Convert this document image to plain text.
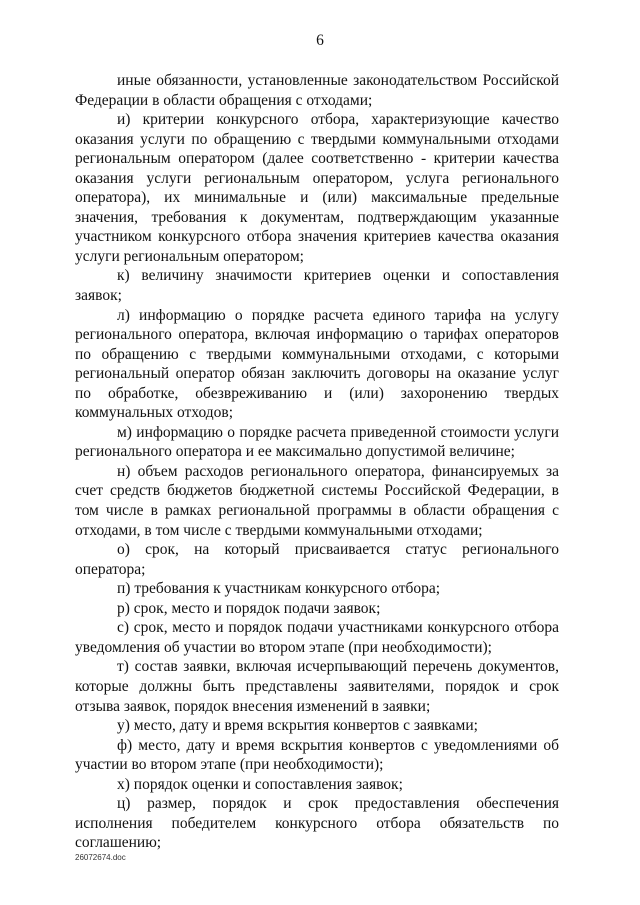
6

иные обязанности, установленные законодательством Российской Федерации в области обращения с отходами;

и) критерии конкурсного отбора, характеризующие качество оказания услуги по обращению с твердыми коммунальными отходами региональным оператором (далее соответственно - критерии качества оказания услуги региональным оператором, услуга регионального оператора), их минимальные и (или) максимальные предельные значения, требования к документам, подтверждающим указанные участником конкурсного отбора значения критериев качества оказания услуги региональным оператором;

к) величину значимости критериев оценки и сопоставления заявок;

л) информацию о порядке расчета единого тарифа на услугу регионального оператора, включая информацию о тарифах операторов по обращению с твердыми коммунальными отходами, с которыми региональный оператор обязан заключить договоры на оказание услуг по обработке, обезвреживанию и (или) захоронению твердых коммунальных отходов;

м) информацию о порядке расчета приведенной стоимости услуги регионального оператора и ее максимально допустимой величине;

н) объем расходов регионального оператора, финансируемых за счет средств бюджетов бюджетной системы Российской Федерации, в том числе в рамках региональной программы в области обращения с отходами, в том числе с твердыми коммунальными отходами;

о) срок, на который присваивается статус регионального оператора;

п) требования к участникам конкурсного отбора;

р) срок, место и порядок подачи заявок;

с) срок, место и порядок подачи участниками конкурсного отбора уведомления об участии во втором этапе (при необходимости);

т) состав заявки, включая исчерпывающий перечень документов, которые должны быть представлены заявителями, порядок и срок отзыва заявок, порядок внесения изменений в заявки;

у) место, дату и время вскрытия конвертов с заявками;

ф) место, дату и время вскрытия конвертов с уведомлениями об участии во втором этапе (при необходимости);

х) порядок оценки и сопоставления заявок;

ц) размер, порядок и срок предоставления обеспечения исполнения победителем конкурсного отбора обязательств по соглашению;

26072674.doc
